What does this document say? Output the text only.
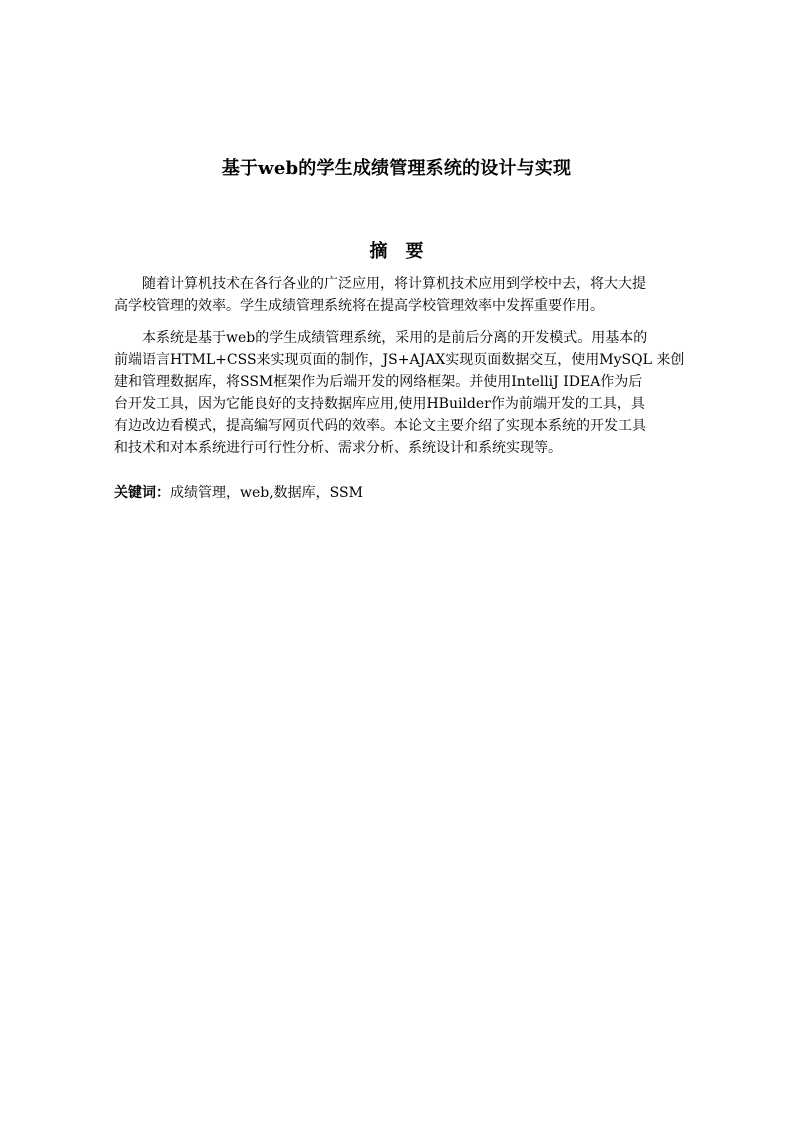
基于web的学生成绩管理系统的设计与实现
摘 要
随着计算机技术在各行各业的广泛应用，将计算机技术应用到学校中去，将大大提
高学校管理的效率。学生成绩管理系统将在提高学校管理效率中发挥重要作用。
本系统是基于web的学生成绩管理系统，采用的是前后分离的开发模式。用基本的
前端语言HTML+CSS来实现页面的制作，JS+AJAX实现页面数据交互，使用MySQL 来创
建和管理数据库，将SSM框架作为后端开发的网络框架。并使用IntelliJ IDEA作为后
台开发工具，因为它能良好的支持数据库应用,使用HBuilder作为前端开发的工具，具
有边改边看模式，提高编写网页代码的效率。本论文主要介绍了实现本系统的开发工具
和技术和对本系统进行可行性分析、需求分析、系统设计和系统实现等。
关键词：成绩管理，web,数据库，SSM
